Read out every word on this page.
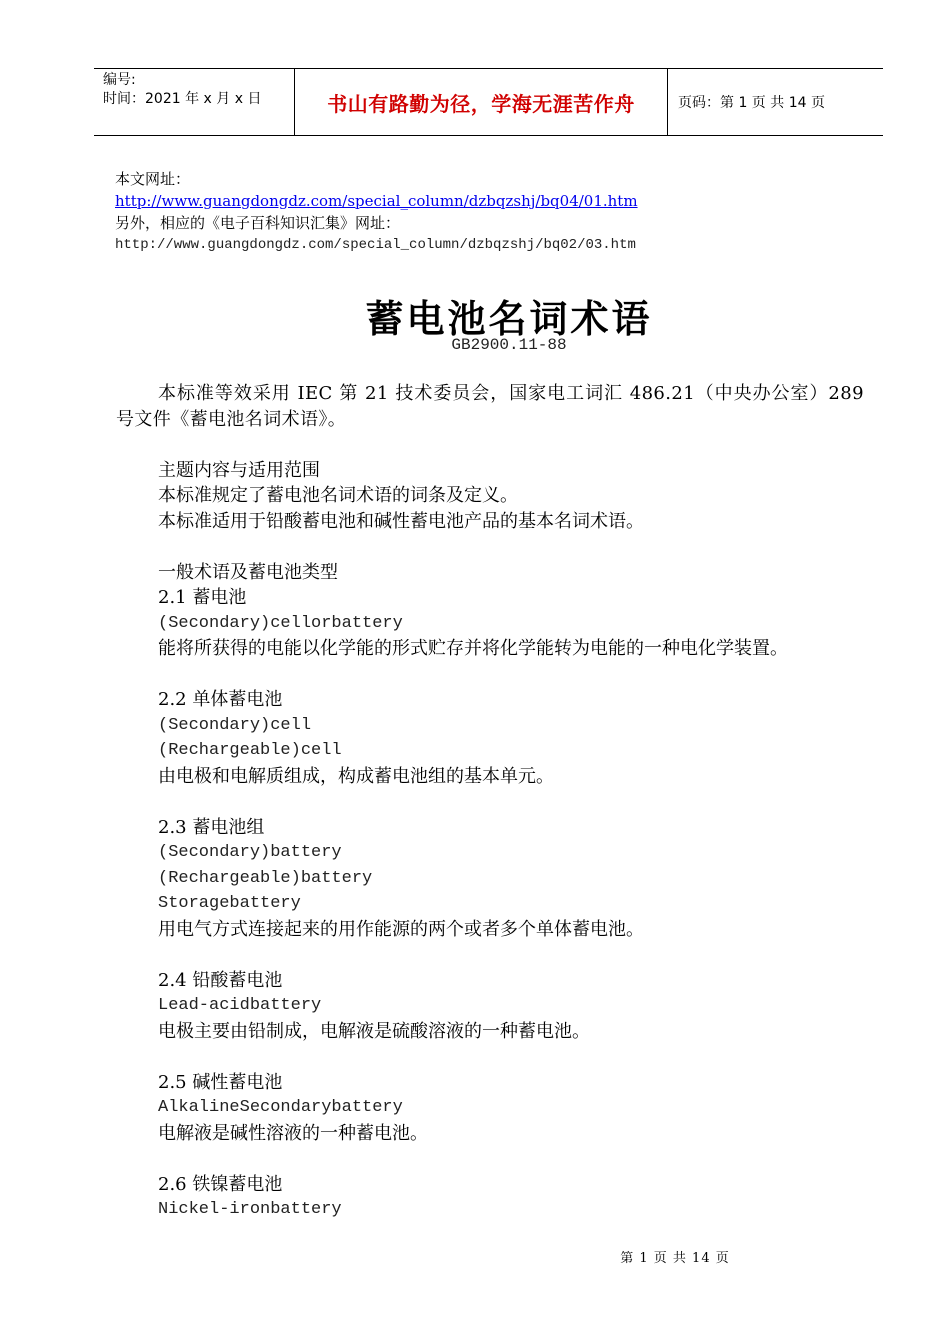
编号:
时间：2021 年 x 月 x 日	书山有路勤为径，学海无涯苦作舟	页码：第 1 页 共 14 页
本文网址：
http://www.guangdongdz.com/special_column/dzbqzshj/bq04/01.htm
另外，相应的《电子百科知识汇集》网址：
http://www.guangdongdz.com/special_column/dzbqzshj/bq02/03.htm
蓄电池名词术语
GB2900.11-88

本标准等效采用 IEC 第 21 技术委员会，国家电工词汇 486.21（中央办公室）289 号文件《蓄电池名词术语》。

主题内容与适用范围

本标准规定了蓄电池名词术语的词条及定义。

本标准适用于铅酸蓄电池和碱性蓄电池产品的基本名词术语。

一般术语及蓄电池类型

2.1 蓄电池

(Secondary)cellorbattery

能将所获得的电能以化学能的形式贮存并将化学能转为电能的一种电化学装置。

2.2 单体蓄电池

(Secondary)cell

(Rechargeable)cell

由电极和电解质组成，构成蓄电池组的基本单元。

2.3 蓄电池组

(Secondary)battery

(Rechargeable)battery

Storagebattery

用电气方式连接起来的用作能源的两个或者多个单体蓄电池。

2.4 铅酸蓄电池

Lead-acidbattery

电极主要由铅制成，电解液是硫酸溶液的一种蓄电池。

2.5 碱性蓄电池

AlkalineSecondarybattery

电解液是碱性溶液的一种蓄电池。

2.6 铁镍蓄电池

Nickel-ironbattery

第 1 页 共 14 页
